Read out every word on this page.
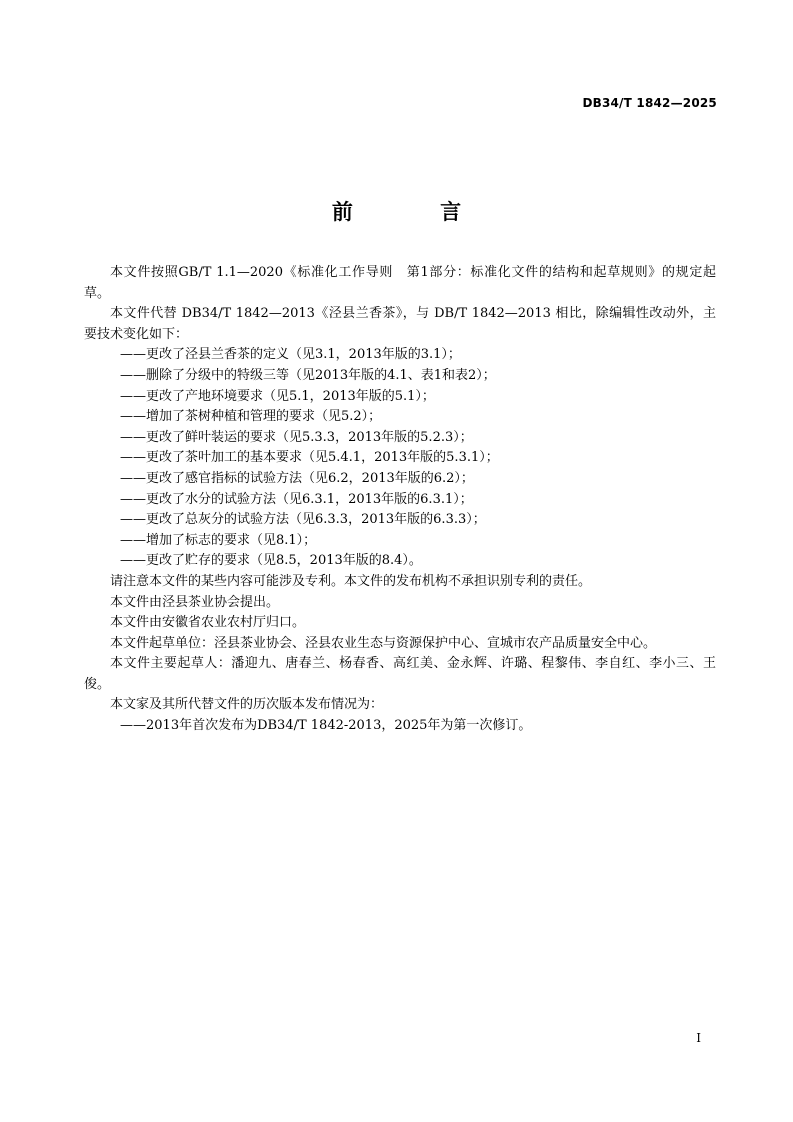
DB34/T 1842—2025
前 言

本文件按照GB/T 1.1—2020《标准化工作导则　第1部分：标准化文件的结构和起草规则》的规定起草。

本文件代替 DB34/T 1842—2013《泾县兰香茶》，与 DB/T 1842—2013 相比，除编辑性改动外，主要技术变化如下：

——更改了泾县兰香茶的定义（见3.1，2013年版的3.1）；

——删除了分级中的特级三等（见2013年版的4.1、表1和表2）；

——更改了产地环境要求（见5.1，2013年版的5.1）；

——增加了茶树种植和管理的要求（见5.2）；

——更改了鲜叶装运的要求（见5.3.3，2013年版的5.2.3）；

——更改了茶叶加工的基本要求（见5.4.1，2013年版的5.3.1）；

——更改了感官指标的试验方法（见6.2，2013年版的6.2）；

——更改了水分的试验方法（见6.3.1，2013年版的6.3.1）；

——更改了总灰分的试验方法（见6.3.3，2013年版的6.3.3）；

——增加了标志的要求（见8.1）；

——更改了贮存的要求（见8.5，2013年版的8.4）。

请注意本文件的某些内容可能涉及专利。本文件的发布机构不承担识别专利的责任。

本文件由泾县茶业协会提出。

本文件由安徽省农业农村厅归口。

本文件起草单位：泾县茶业协会、泾县农业生态与资源保护中心、宣城市农产品质量安全中心。

本文件主要起草人：潘迎九、唐春兰、杨春香、高红美、金永辉、许璐、程黎伟、李自红、李小三、王俊。

本文家及其所代替文件的历次版本发布情况为：

——2013年首次发布为DB34/T 1842-2013，2025年为第一次修订。

I
